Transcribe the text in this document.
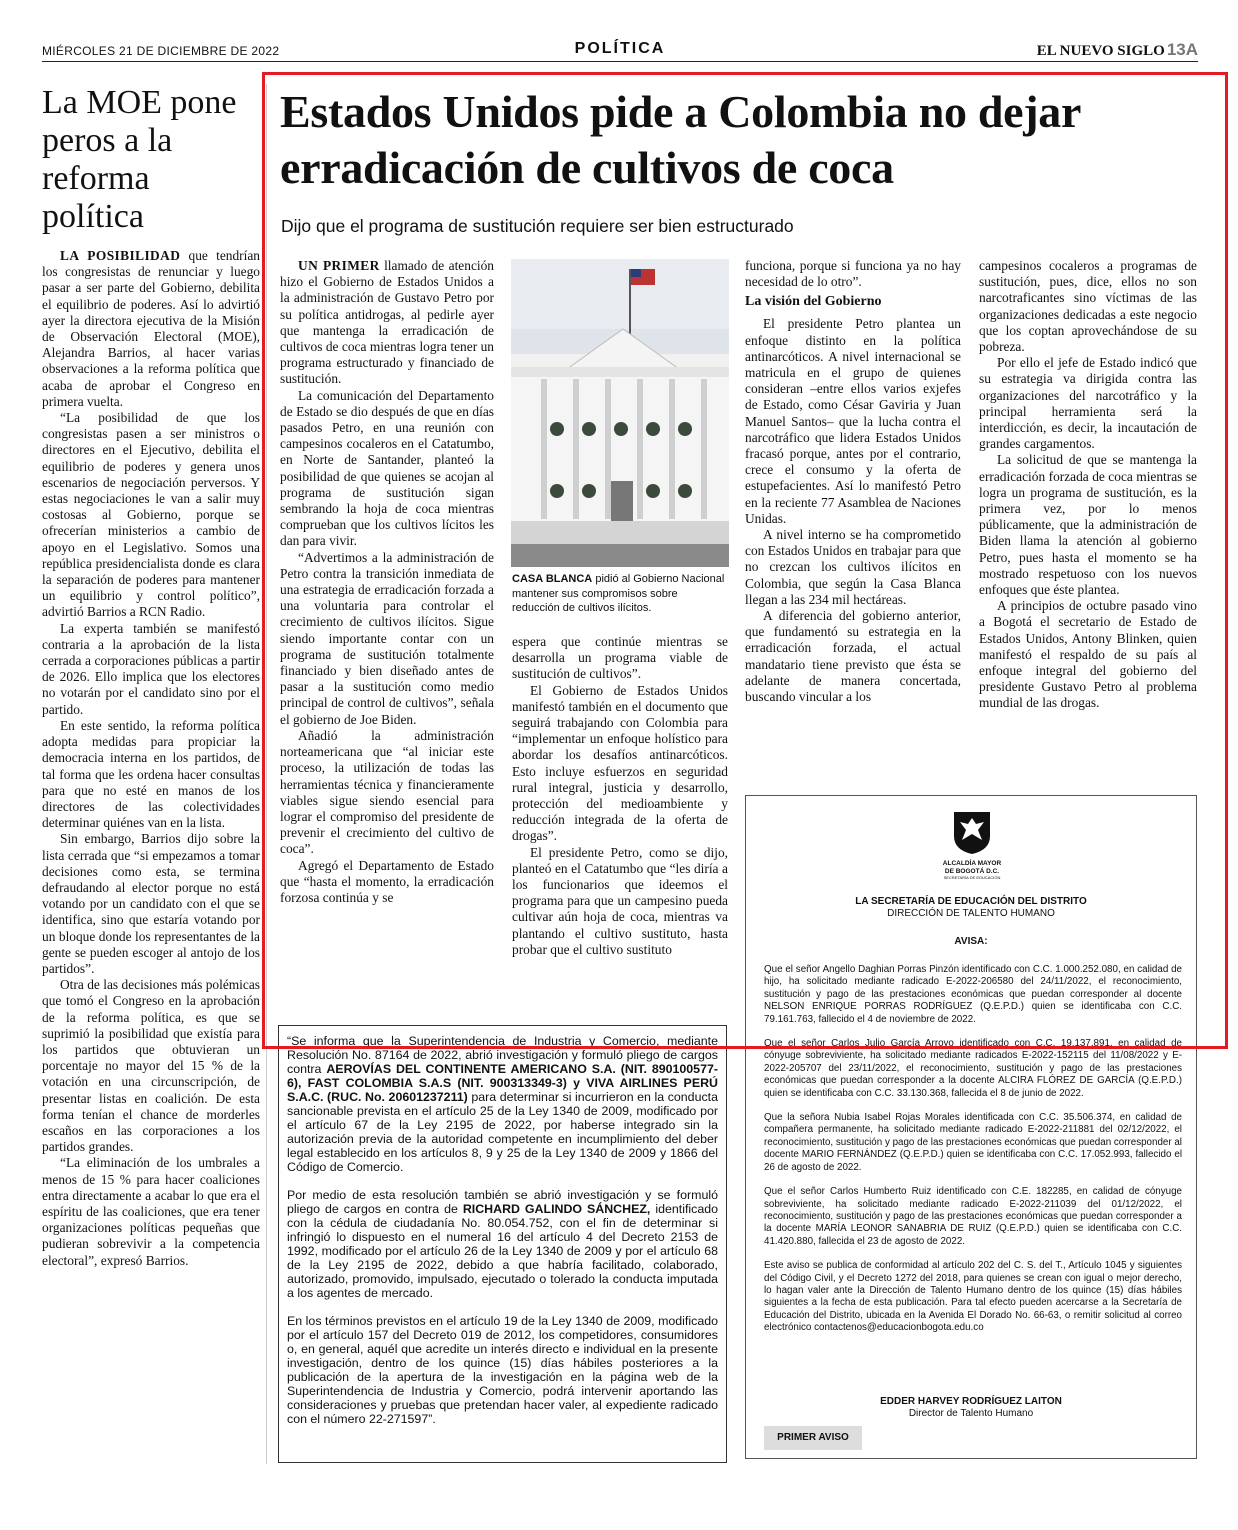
MIÉRCOLES 21 DE DICIEMBRE DE 2022	POLÍTICA	EL NUEVO SIGLO 13A
La MOE pone peros a la reforma política

LA POSIBILIDAD que tendrían los congresistas de renunciar y luego pasar a ser parte del Gobierno, debilita el equilibrio de poderes. Así lo advirtió ayer la directora ejecutiva de la Misión de Observación Electoral (MOE), Alejandra Barrios, al hacer varias observaciones a la reforma política que acaba de aprobar el Congreso en primera vuelta.

“La posibilidad de que los congresistas pasen a ser ministros o directores en el Ejecutivo, debilita el equilibrio de poderes y genera unos escenarios de negociación perversos. Y estas negociaciones le van a salir muy costosas al Gobierno, porque se ofrecerían ministerios a cambio de apoyo en el Legislativo. Somos una república presidencialista donde es clara la separación de poderes para mantener un equilibrio y control político”, advirtió Barrios a RCN Radio.

La experta también se manifestó contraria a la aprobación de la lista cerrada a corporaciones públicas a partir de 2026. Ello implica que los electores no votarán por el candidato sino por el partido.

En este sentido, la reforma política adopta medidas para propiciar la democracia interna en los partidos, de tal forma que les ordena hacer consultas para que no esté en manos de los directores de las colectividades determinar quiénes van en la lista.

Sin embargo, Barrios dijo sobre la lista cerrada que “si empezamos a tomar decisiones como esta, se termina defraudando al elector porque no está votando por un candidato con el que se identifica, sino que estaría votando por un bloque donde los representantes de la gente se pueden escoger al antojo de los partidos”.

Otra de las decisiones más polémicas que tomó el Congreso en la aprobación de la reforma política, es que se suprimió la posibilidad que existía para los partidos que obtuvieran un porcentaje no mayor del 15 % de la votación en una circunscripción, de presentar listas en coalición. De esta forma tenían el chance de morderles escaños en las corporaciones a los partidos grandes.

“La eliminación de los umbrales a menos de 15 % para hacer coaliciones entra directamente a acabar lo que era el espíritu de las coaliciones, que era tener organizaciones políticas pequeñas que pudieran sobrevivir a la competencia electoral”, expresó Barrios.

Estados Unidos pide a Colombia no dejar erradicación de cultivos de coca
Dijo que el programa de sustitución requiere ser bien estructurado

UN PRIMER llamado de atención hizo el Gobierno de Estados Unidos a la administración de Gustavo Petro por su política antidrogas, al pedirle ayer que mantenga la erradicación de cultivos de coca mientras logra tener un programa estructurado y financiado de sustitución.

La comunicación del Departamento de Estado se dio después de que en días pasados Petro, en una reunión con campesinos cocaleros en el Catatumbo, en Norte de Santander, planteó la posibilidad de que quienes se acojan al programa de sustitución sigan sembrando la hoja de coca mientras comprueban que los cultivos lícitos les dan para vivir.

“Advertimos a la administración de Petro contra la transición inmediata de una estrategia de erradicación forzada a una voluntaria para controlar el crecimiento de cultivos ilícitos. Sigue siendo importante contar con un programa de sustitución totalmente financiado y bien diseñado antes de pasar a la sustitución como medio principal de control de cultivos”, señala el gobierno de Joe Biden.

Añadió la administración norteamericana que “al iniciar este proceso, la utilización de todas las herramientas técnica y financieramente viables sigue siendo esencial para lograr el compromiso del presidente de prevenir el crecimiento del cultivo de coca”.

Agregó el Departamento de Estado que “hasta el momento, la erradicación forzosa continúa y se

CASA BLANCA pidió al Gobierno Nacional mantener sus compromisos sobre reducción de cultivos ilícitos.

espera que continúe mientras se desarrolla un programa viable de sustitución de cultivos”.

El Gobierno de Estados Unidos manifestó también en el documento que seguirá trabajando con Colombia para “implementar un enfoque holístico para abordar los desafíos antinarcóticos. Esto incluye esfuerzos en seguridad rural integral, justicia y desarrollo, protección del medioambiente y reducción integrada de la oferta de drogas”.

El presidente Petro, como se dijo, planteó en el Catatumbo que “les diría a los funcionarios que ideemos el programa para que un campesino pueda cultivar aún hoja de coca, mientras va plantando el cultivo sustituto, hasta probar que el cultivo sustituto

funciona, porque si funciona ya no hay necesidad de lo otro”.

La visión del Gobierno

El presidente Petro plantea un enfoque distinto en la política antinarcóticos. A nivel internacional se matricula en el grupo de quienes consideran –entre ellos varios exjefes de Estado, como César Gaviria y Juan Manuel Santos– que la lucha contra el narcotráfico que lidera Estados Unidos fracasó porque, antes por el contrario, crece el consumo y la oferta de estupefacientes. Así lo manifestó Petro en la reciente 77 Asamblea de Naciones Unidas.

A nivel interno se ha comprometido con Estados Unidos en trabajar para que no crezcan los cultivos ilícitos en Colombia, que según la Casa Blanca llegan a las 234 mil hectáreas.

A diferencia del gobierno anterior, que fundamentó su estrategia en la erradicación forzada, el actual mandatario tiene previsto que ésta se adelante de manera concertada, buscando vincular a los

campesinos cocaleros a programas de sustitución, pues, dice, ellos no son narcotraficantes sino víctimas de las organizaciones dedicadas a este negocio que los coptan aprovechándose de su pobreza.

Por ello el jefe de Estado indicó que su estrategia va dirigida contra las organizaciones del narcotráfico y la principal herramienta será la interdicción, es decir, la incautación de grandes cargamentos.

La solicitud de que se mantenga la erradicación forzada de coca mientras se logra un programa de sustitución, es la primera vez, por lo menos públicamente, que la administración de Biden llama la atención al gobierno Petro, pues hasta el momento se ha mostrado respetuoso con los nuevos enfoques que éste plantea.

A principios de octubre pasado vino a Bogotá el secretario de Estado de Estados Unidos, Antony Blinken, quien manifestó el respaldo de su país al enfoque integral del gobierno del presidente Gustavo Petro al problema mundial de las drogas.

“Se informa que la Superintendencia de Industria y Comercio, mediante Resolución No. 87164 de 2022, abrió investigación y formuló pliego de cargos contra AEROVÍAS DEL CONTINENTE AMERICANO S.A. (NIT. 890100577-6), FAST COLOMBIA S.A.S (NIT. 900313349-3) y VIVA AIRLINES PERÚ S.A.C. (RUC. No. 20601237211) para determinar si incurrieron en la conducta sancionable prevista en el artículo 25 de la Ley 1340 de 2009, modificado por el artículo 67 de la Ley 2195 de 2022, por haberse integrado sin la autorización previa de la autoridad competente en incumplimiento del deber legal establecido en los artículos 8, 9 y 25 de la Ley 1340 de 2009 y 1866 del Código de Comercio.

Por medio de esta resolución también se abrió investigación y se formuló pliego de cargos en contra de RICHARD GALINDO SÁNCHEZ, identificado con la cédula de ciudadanía No. 80.054.752, con el fin de determinar si infringió lo dispuesto en el numeral 16 del artículo 4 del Decreto 2153 de 1992, modificado por el artículo 26 de la Ley 1340 de 2009 y por el artículo 68 de la Ley 2195 de 2022, debido a que habría facilitado, colaborado, autorizado, promovido, impulsado, ejecutado o tolerado la conducta imputada a los agentes de mercado.

En los términos previstos en el artículo 19 de la Ley 1340 de 2009, modificado por el artículo 157 del Decreto 019 de 2012, los competidores, consumidores o, en general, aquél que acredite un interés directo e individual en la presente investigación, dentro de los quince (15) días hábiles posteriores a la publicación de la apertura de la investigación en la página web de la Superintendencia de Industria y Comercio, podrá intervenir aportando las consideraciones y pruebas que pretendan hacer valer, al expediente radicado con el número 22-271597”.

ALCALDÍA MAYOR
DE BOGOTÁ D.C.
SECRETARÍA DE EDUCACIÓN
LA SECRETARÍA DE EDUCACIÓN DEL DISTRITO
DIRECCIÓN DE TALENTO HUMANO
AVISA:

Que el señor Angello Daghian Porras Pinzón identificado con C.C. 1.000.252.080, en calidad de hijo, ha solicitado mediante radicado E-2022-206580 del 24/11/2022, el reconocimiento, sustitución y pago de las prestaciones económicas que puedan corresponder al docente NELSON ENRIQUE PORRAS RODRÍGUEZ (Q.E.P.D.) quien se identificaba con C.C. 79.161.763, fallecido el 4 de noviembre de 2022.

Que el señor Carlos Julio García Arroyo identificado con C.C. 19.137.891, en calidad de cónyuge sobreviviente, ha solicitado mediante radicados E-2022-152115 del 11/08/2022 y E-2022-205707 del 23/11/2022, el reconocimiento, sustitución y pago de las prestaciones económicas que puedan corresponder a la docente ALCIRA FLÓREZ DE GARCÍA (Q.E.P.D.) quien se identificaba con C.C. 33.130.368, fallecida el 8 de junio de 2022.

Que la señora Nubia Isabel Rojas Morales identificada con C.C. 35.506.374, en calidad de compañera permanente, ha solicitado mediante radicado E-2022-211881 del 02/12/2022, el reconocimiento, sustitución y pago de las prestaciones económicas que puedan corresponder al docente MARIO FERNÁNDEZ (Q.E.P.D.) quien se identificaba con C.C. 17.052.993, fallecido el 26 de agosto de 2022.

Que el señor Carlos Humberto Ruiz identificado con C.E. 182285, en calidad de cónyuge sobreviviente, ha solicitado mediante radicado E-2022-211039 del 01/12/2022, el reconocimiento, sustitución y pago de las prestaciones económicas que puedan corresponder a la docente MARÍA LEONOR SANABRIA DE RUIZ (Q.E.P.D.) quien se identificaba con C.C. 41.420.880, fallecida el 23 de agosto de 2022.

Este aviso se publica de conformidad al artículo 202 del C. S. del T., Artículo 1045 y siguientes del Código Civil, y el Decreto 1272 del 2018, para quienes se crean con igual o mejor derecho, lo hagan valer ante la Dirección de Talento Humano dentro de los quince (15) días hábiles siguientes a la fecha de esta publicación. Para tal efecto pueden acercarse a la Secretaría de Educación del Distrito, ubicada en la Avenida El Dorado No. 66-63, o remitir solicitud al correo electrónico contactenos@educacionbogota.edu.co

EDDER HARVEY RODRÍGUEZ LAITON
Director de Talento Humano
PRIMER AVISO
